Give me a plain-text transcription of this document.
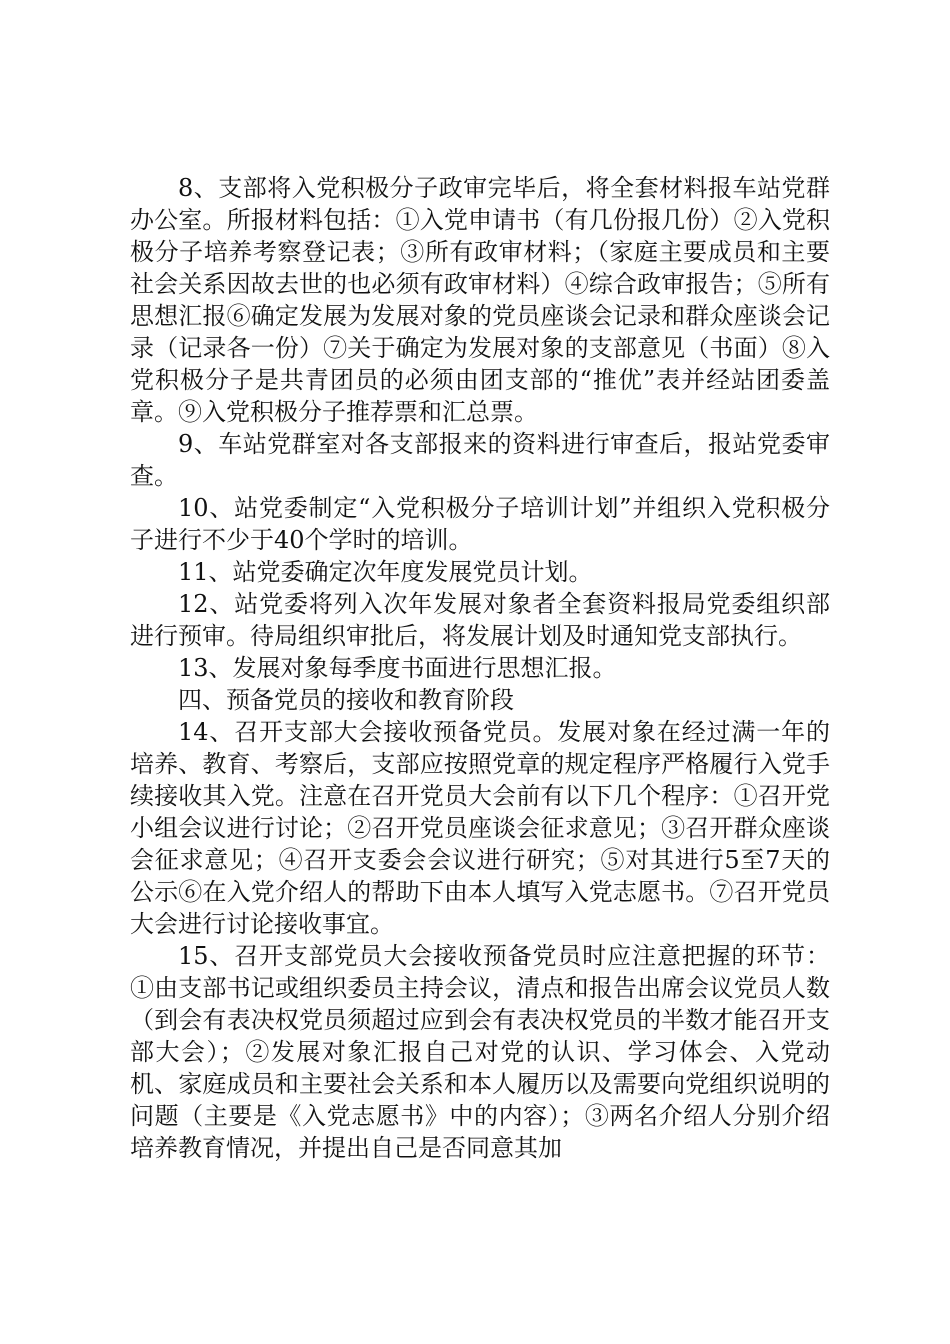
8、支部将入党积极分子政审完毕后，将全套材料报车站党群办公室。所报材料包括：①入党申请书（有几份报几份）②入党积极分子培养考察登记表；③所有政审材料；（家庭主要成员和主要社会关系因故去世的也必须有政审材料）④综合政审报告；⑤所有思想汇报⑥确定发展为发展对象的党员座谈会记录和群众座谈会记录（记录各一份）⑦关于确定为发展对象的支部意见（书面）⑧入党积极分子是共青团员的必须由团支部的“推优”表并经站团委盖章。⑨入党积极分子推荐票和汇总票。

9、车站党群室对各支部报来的资料进行审查后，报站党委审查。

10、站党委制定“入党积极分子培训计划”并组织入党积极分子进行不少于40个学时的培训。

11、站党委确定次年度发展党员计划。

12、站党委将列入次年发展对象者全套资料报局党委组织部进行预审。待局组织审批后，将发展计划及时通知党支部执行。

13、发展对象每季度书面进行思想汇报。

四、预备党员的接收和教育阶段

14、召开支部大会接收预备党员。发展对象在经过满一年的培养、教育、考察后，支部应按照党章的规定程序严格履行入党手续接收其入党。注意在召开党员大会前有以下几个程序：①召开党小组会议进行讨论；②召开党员座谈会征求意见；③召开群众座谈会征求意见；④召开支委会会议进行研究；⑤对其进行5至7天的公示⑥在入党介绍人的帮助下由本人填写入党志愿书。⑦召开党员大会进行讨论接收事宜。

15、召开支部党员大会接收预备党员时应注意把握的环节：①由支部书记或组织委员主持会议，清点和报告出席会议党员人数（到会有表决权党员须超过应到会有表决权党员的半数才能召开支部大会）；②发展对象汇报自己对党的认识、学习体会、入党动机、家庭成员和主要社会关系和本人履历以及需要向党组织说明的问题（主要是《入党志愿书》中的内容）；③两名介绍人分别介绍培养教育情况，并提出自己是否同意其加
